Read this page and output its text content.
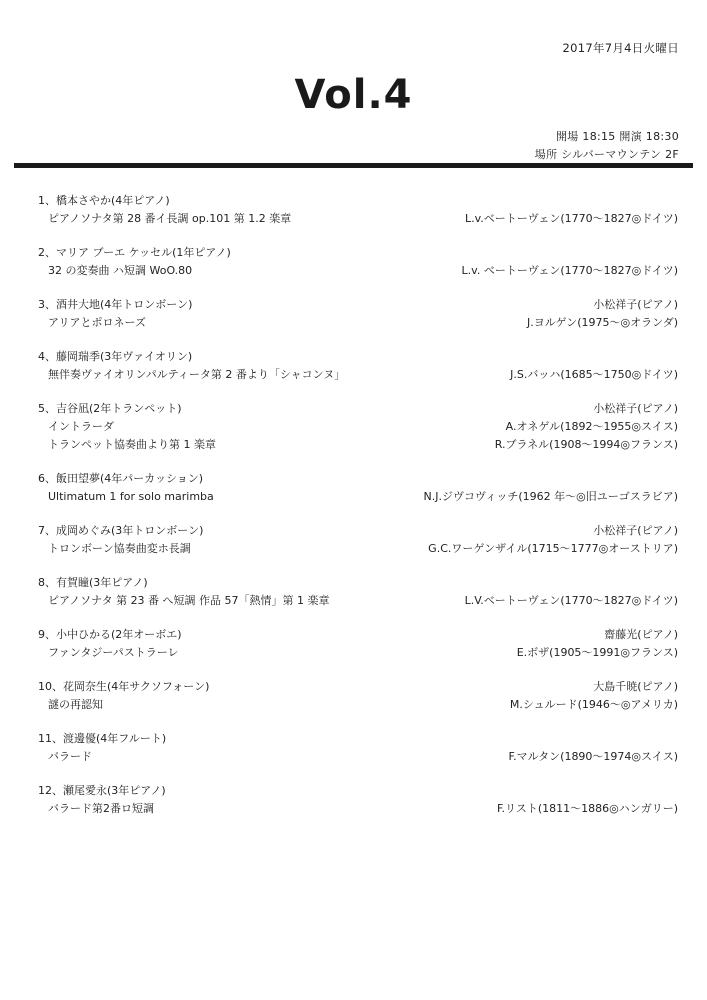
2017年7月4日火曜日
Vol.4
開場 18:15 開演 18:30
場所 シルバーマウンテン 2F
1、橋本さやか(4年ピアノ)
ピアノソナタ第 28 番イ長調 op.101 第 1.2 楽章	L.v.ベートーヴェン(1770～1827◎ドイツ)
2、マリア ブーエ ケッセル(1年ピアノ)
32 の変奏曲 ハ短調 WoO.80	L.v. ベートーヴェン(1770～1827◎ドイツ)
3、酒井大地(4年トロンボーン)	小松祥子(ピアノ)
アリアとポロネーズ	J.ヨルゲン(1975～◎オランダ)
4、藤岡瑞季(3年ヴァイオリン)
無伴奏ヴァイオリンパルティータ第 2 番より「シャコンヌ」	J.S.バッハ(1685～1750◎ドイツ)
5、吉谷凪(2年トランペット)	小松祥子(ピアノ)
イントラーダ	A.オネゲル(1892～1955◎スイス)
トランペット協奏曲より第 1 楽章	R.ブラネル(1908～1994◎フランス)
6、飯田望夢(4年パーカッション)
Ultimatum 1 for solo marimba	N.J.ジヴコヴィッチ(1962 年～◎旧ユーゴスラビア)
7、成岡めぐみ(3年トロンボーン)	小松祥子(ピアノ)
トロンボーン協奏曲変ホ長調	G.C.ワーゲンザイル(1715～1777◎オーストリア)
8、有賀瞳(3年ピアノ)
ピアノソナタ 第 23 番 へ短調 作品 57「熱情」第 1 楽章	L.V.ベートーヴェン(1770～1827◎ドイツ)
9、小中ひかる(2年オーボエ)	齋藤光(ピアノ)
ファンタジーパストラーレ	E.ボザ(1905～1991◎フランス)
10、花岡奈生(4年サクソフォーン)	大島千暁(ピアノ)
謎の再認知	M.シュルード(1946～◎アメリカ)
11、渡邊優(4年フルート)
バラード	F.マルタン(1890～1974◎スイス)
12、瀬尾愛永(3年ピアノ)
バラード第2番ロ短調	F.リスト(1811～1886◎ハンガリー)
